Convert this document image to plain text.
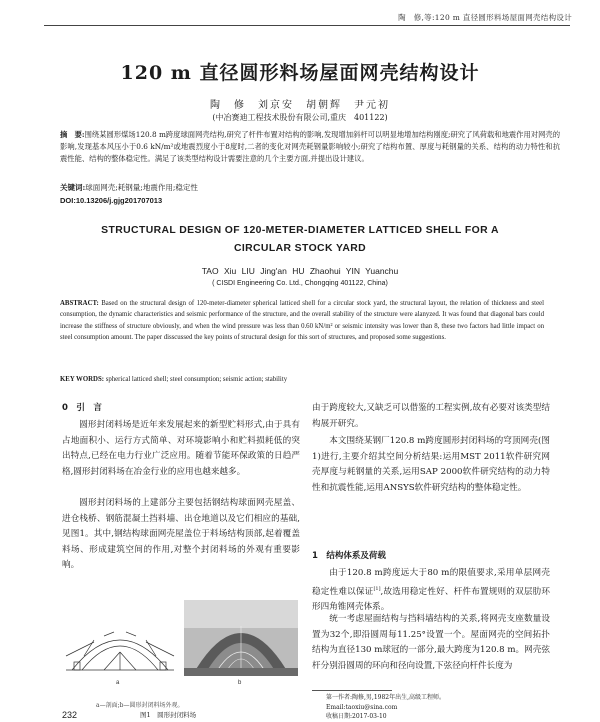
陶　修,等:120 m 直径圆形料场屋面网壳结构设计
120 m 直径圆形料场屋面网壳结构设计
陶　修　刘京安　胡朝辉　尹元初
(中冶赛迪工程技术股份有限公司,重庆　401122)
摘　要:围绕某圆形煤场120.8 m跨度球面网壳结构,研究了杆件布置对结构的影响,发现增加斜杆可以明显地增加结构刚度;研究了风荷载和地震作用对网壳的影响,发现基本风压小于0.6 kN/m²或地震烈度小于8度时,二者的变化对网壳耗钢量影响较小;研究了结构布置、厚度与耗钢量的关系、结构的动力特性和抗震性能、结构的整体稳定性。满足了该类型结构设计需要注意的几个主要方面,并提出设计建议。
关键词:球面网壳;耗钢量;地震作用;稳定性
DOI:10.13206/j.gjg201707013
STRUCTURAL DESIGN OF 120-METER-DIAMETER LATTICED SHELL FOR A
CIRCULAR STOCK YARD
TAO Xiu LIU Jing'an HU Zhaohui YIN Yuanchu
( CISDI Engineering Co. Ltd., Chongqing 401122, China)
ABSTRACT: Based on the structural design of 120-meter-diameter spherical latticed shell for a circular stock yard, the structural layout, the relation of thickness and steel consumption, the dynamic characteristics and seismic performance of the structure, and the overall stability of the structure were alanyzed. It was found that diagonal bars could increase the stiffness of structure obviously, and when the wind pressure was less than 0.60 kN/m² or seismic intensity was lower than 8, these two factors had little impact on steel consumption amount. The paper disscussed the key points of structural design for this sort of structures, and proposed some suggestions.
KEY WORDS: spherical latticed shell; steel consumption; seismic action; stability
0　引　言

圆形封闭料场是近年来发展起来的新型贮料形式,由于具有占地面积小、运行方式简单、对环境影响小和贮料损耗低的突出特点,已经在电力行业广泛应用。随着节能环保政策的日趋严格,圆形封闭料场在冶金行业的应用也越来越多。

圆形封闭料场的上建部分主要包括钢结构球面网壳屋盖、进仓栈桥、钢筋混凝土挡料墙、出仓地道以及它们相应的基础,见图1。其中,钢结构球面网壳屋盖位于料场结构顶部,起着覆盖料场、形成建筑空间的作用,对整个封闭料场的外观有重要影响。

a	b
a—剖面;b—圆形封闭料场外观。
图1　圆形封闭料场

由于跨度较大,又缺乏可以借鉴的工程实例,故有必要对该类型结构展开研究。

本文围绕某钢厂120.8 m跨度圆形封闭料场的穹顶网壳(图1)进行,主要介绍其空间分析结果:运用MST 2011软件研究网壳厚度与耗钢量的关系,运用SAP 2000软件研究结构的动力特性和抗震性能,运用ANSYS软件研究结构的整体稳定性。

1　结构体系及荷载

由于120.8 m跨度远大于80 m的限值要求,采用单层网壳稳定性难以保证[1],故选用稳定性好、杆件布置规则的双层肋环形四角锥网壳体系。

统一考虑屋面结构与挡料墙结构的关系,将网壳支座数量设置为32个,即沿圆周每11.25°设置一个。屋面网壳的空间拓扑结构为直径130 m球冠的一部分,最大跨度为120.8 m。网壳弦杆分别沿圆周的环向和径向设置,下弦径向杆件长度为

第一作者:陶修,男,1982年出生,高级工程师。
Email:taoxiu@sina.com
收稿日期:2017-03-10
232
